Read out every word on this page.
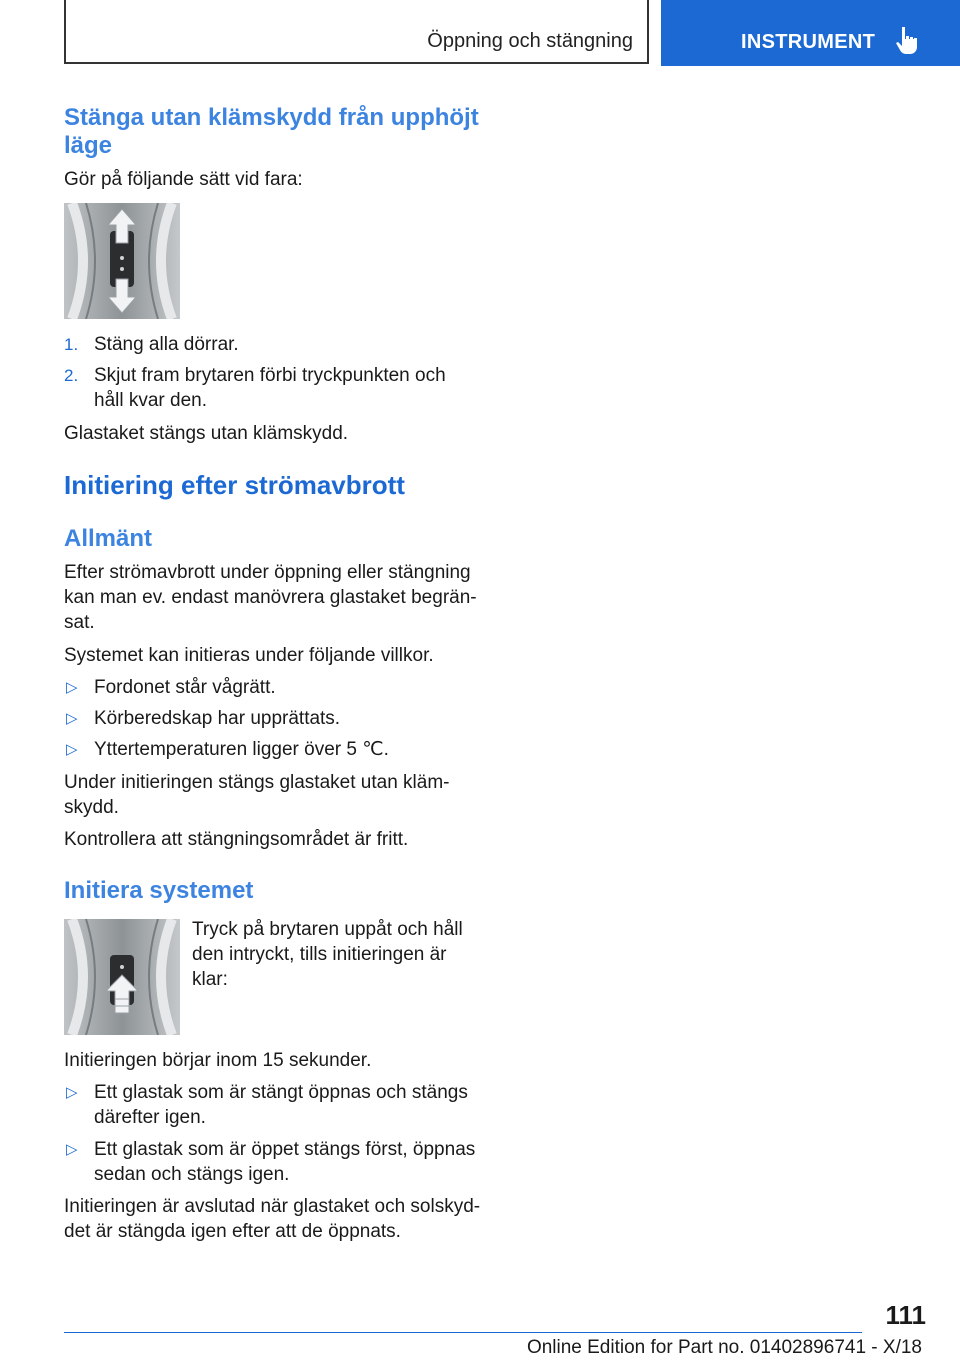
Öppning och stängning	INSTRUMENT
Stänga utan klämskydd från upphöjt
läge

Gör på följande sätt vid fara:

1. Stäng alla dörrar.
2. Skjut fram brytaren förbi tryckpunkten och
håll kvar den.

Glastaket stängs utan klämskydd.

Initiering efter strömavbrott
Allmänt

Efter strömavbrott under öppning eller stängning

kan man ev. endast manövrera glastaket begrän-

sat.

Systemet kan initieras under följande villkor.

▷ Fordonet står vågrätt.
▷ Körberedskap har upprättats.
▷ Yttertemperaturen ligger över 5 ℃.

Under initieringen stängs glastaket utan kläm-

skydd.

Kontrollera att stängningsområdet är fritt.

Initiera systemet

Tryck på brytaren uppåt och håll

den intryckt, tills initieringen är

klar:

Initieringen börjar inom 15 sekunder.

▷ Ett glastak som är stängt öppnas och stängs
därefter igen.
▷ Ett glastak som är öppet stängs först, öppnas
sedan och stängs igen.

Initieringen är avslutad när glastaket och solskyd-

det är stängda igen efter att de öppnats.

111
Online Edition for Part no. 01402896741 - X/18
